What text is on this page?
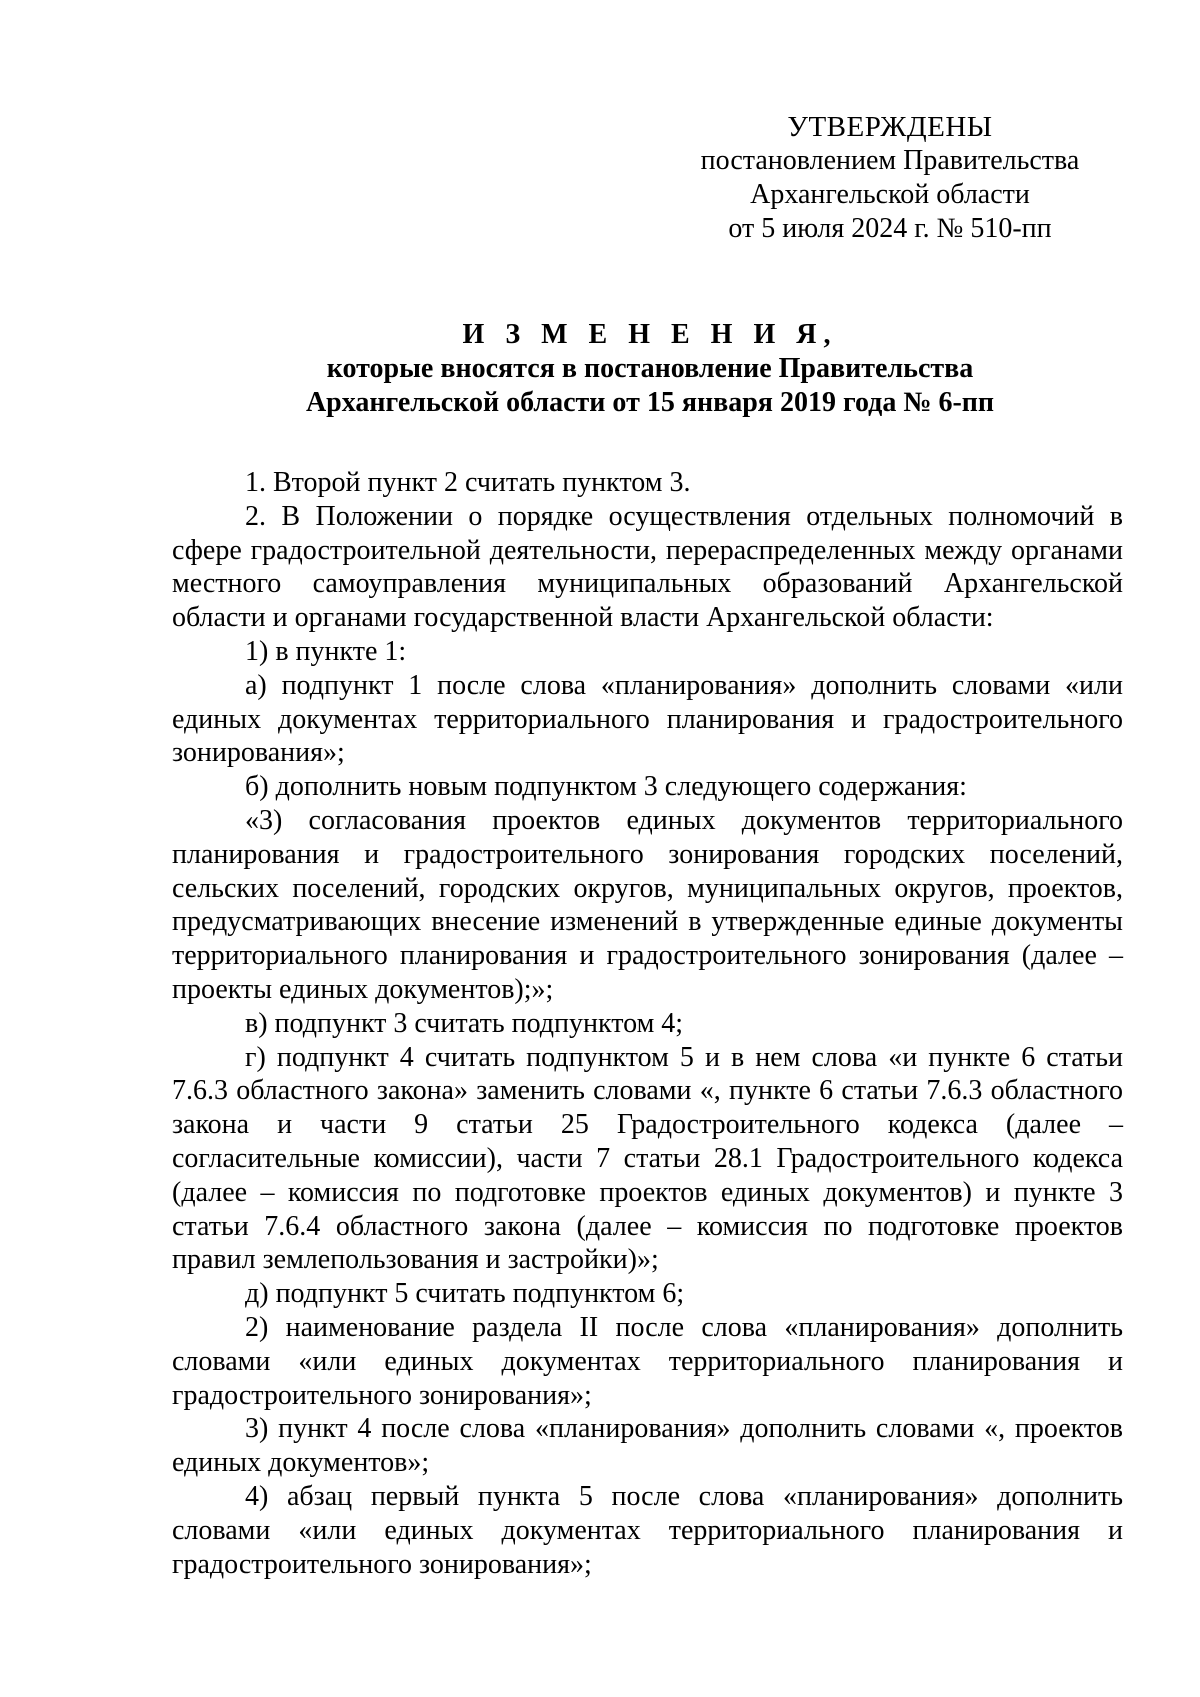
УТВЕРЖДЕНЫ
постановлением Правительства
Архангельской области
от 5 июля 2024 г. № 510-пп
И З М Е Н Е Н И Я,
которые вносятся в постановление Правительства
Архангельской области от 15 января 2019 года № 6-пп

1. Второй пункт 2 считать пунктом 3.

2. В Положении о порядке осуществления отдельных полномочий в сфере градостроительной деятельности, перераспределенных между органами местного самоуправления муниципальных образований Архангельской области и органами государственной власти Архангельской области:

1) в пункте 1:

а) подпункт 1 после слова «планирования» дополнить словами «или единых документах территориального планирования и градостроительного зонирования»;

б) дополнить новым подпунктом 3 следующего содержания:

«3) согласования проектов единых документов территориального планирования и градостроительного зонирования городских поселений, сельских поселений, городских округов, муниципальных округов, проектов, предусматривающих внесение изменений в утвержденные единые документы территориального планирования и градостроительного зонирования (далее – проекты единых документов);»;

в) подпункт 3 считать подпунктом 4;

г) подпункт 4 считать подпунктом 5 и в нем слова «и пункте 6 статьи 7.6.3 областного закона» заменить словами «, пункте 6 статьи 7.6.3 областного закона и части 9 статьи 25 Градостроительного кодекса (далее – согласительные комиссии), части 7 статьи 28.1 Градостроительного кодекса (далее – комиссия по подготовке проектов единых документов) и пункте 3 статьи 7.6.4 областного закона (далее – комиссия по подготовке проектов правил землепользования и застройки)»;

д) подпункт 5 считать подпунктом 6;

2) наименование раздела II после слова «планирования» дополнить словами «или единых документах территориального планирования и градостроительного зонирования»;

3) пункт 4 после слова «планирования» дополнить словами «, проектов единых документов»;

4) абзац первый пункта 5 после слова «планирования» дополнить словами «или единых документах территориального планирования и градостроительного зонирования»;
